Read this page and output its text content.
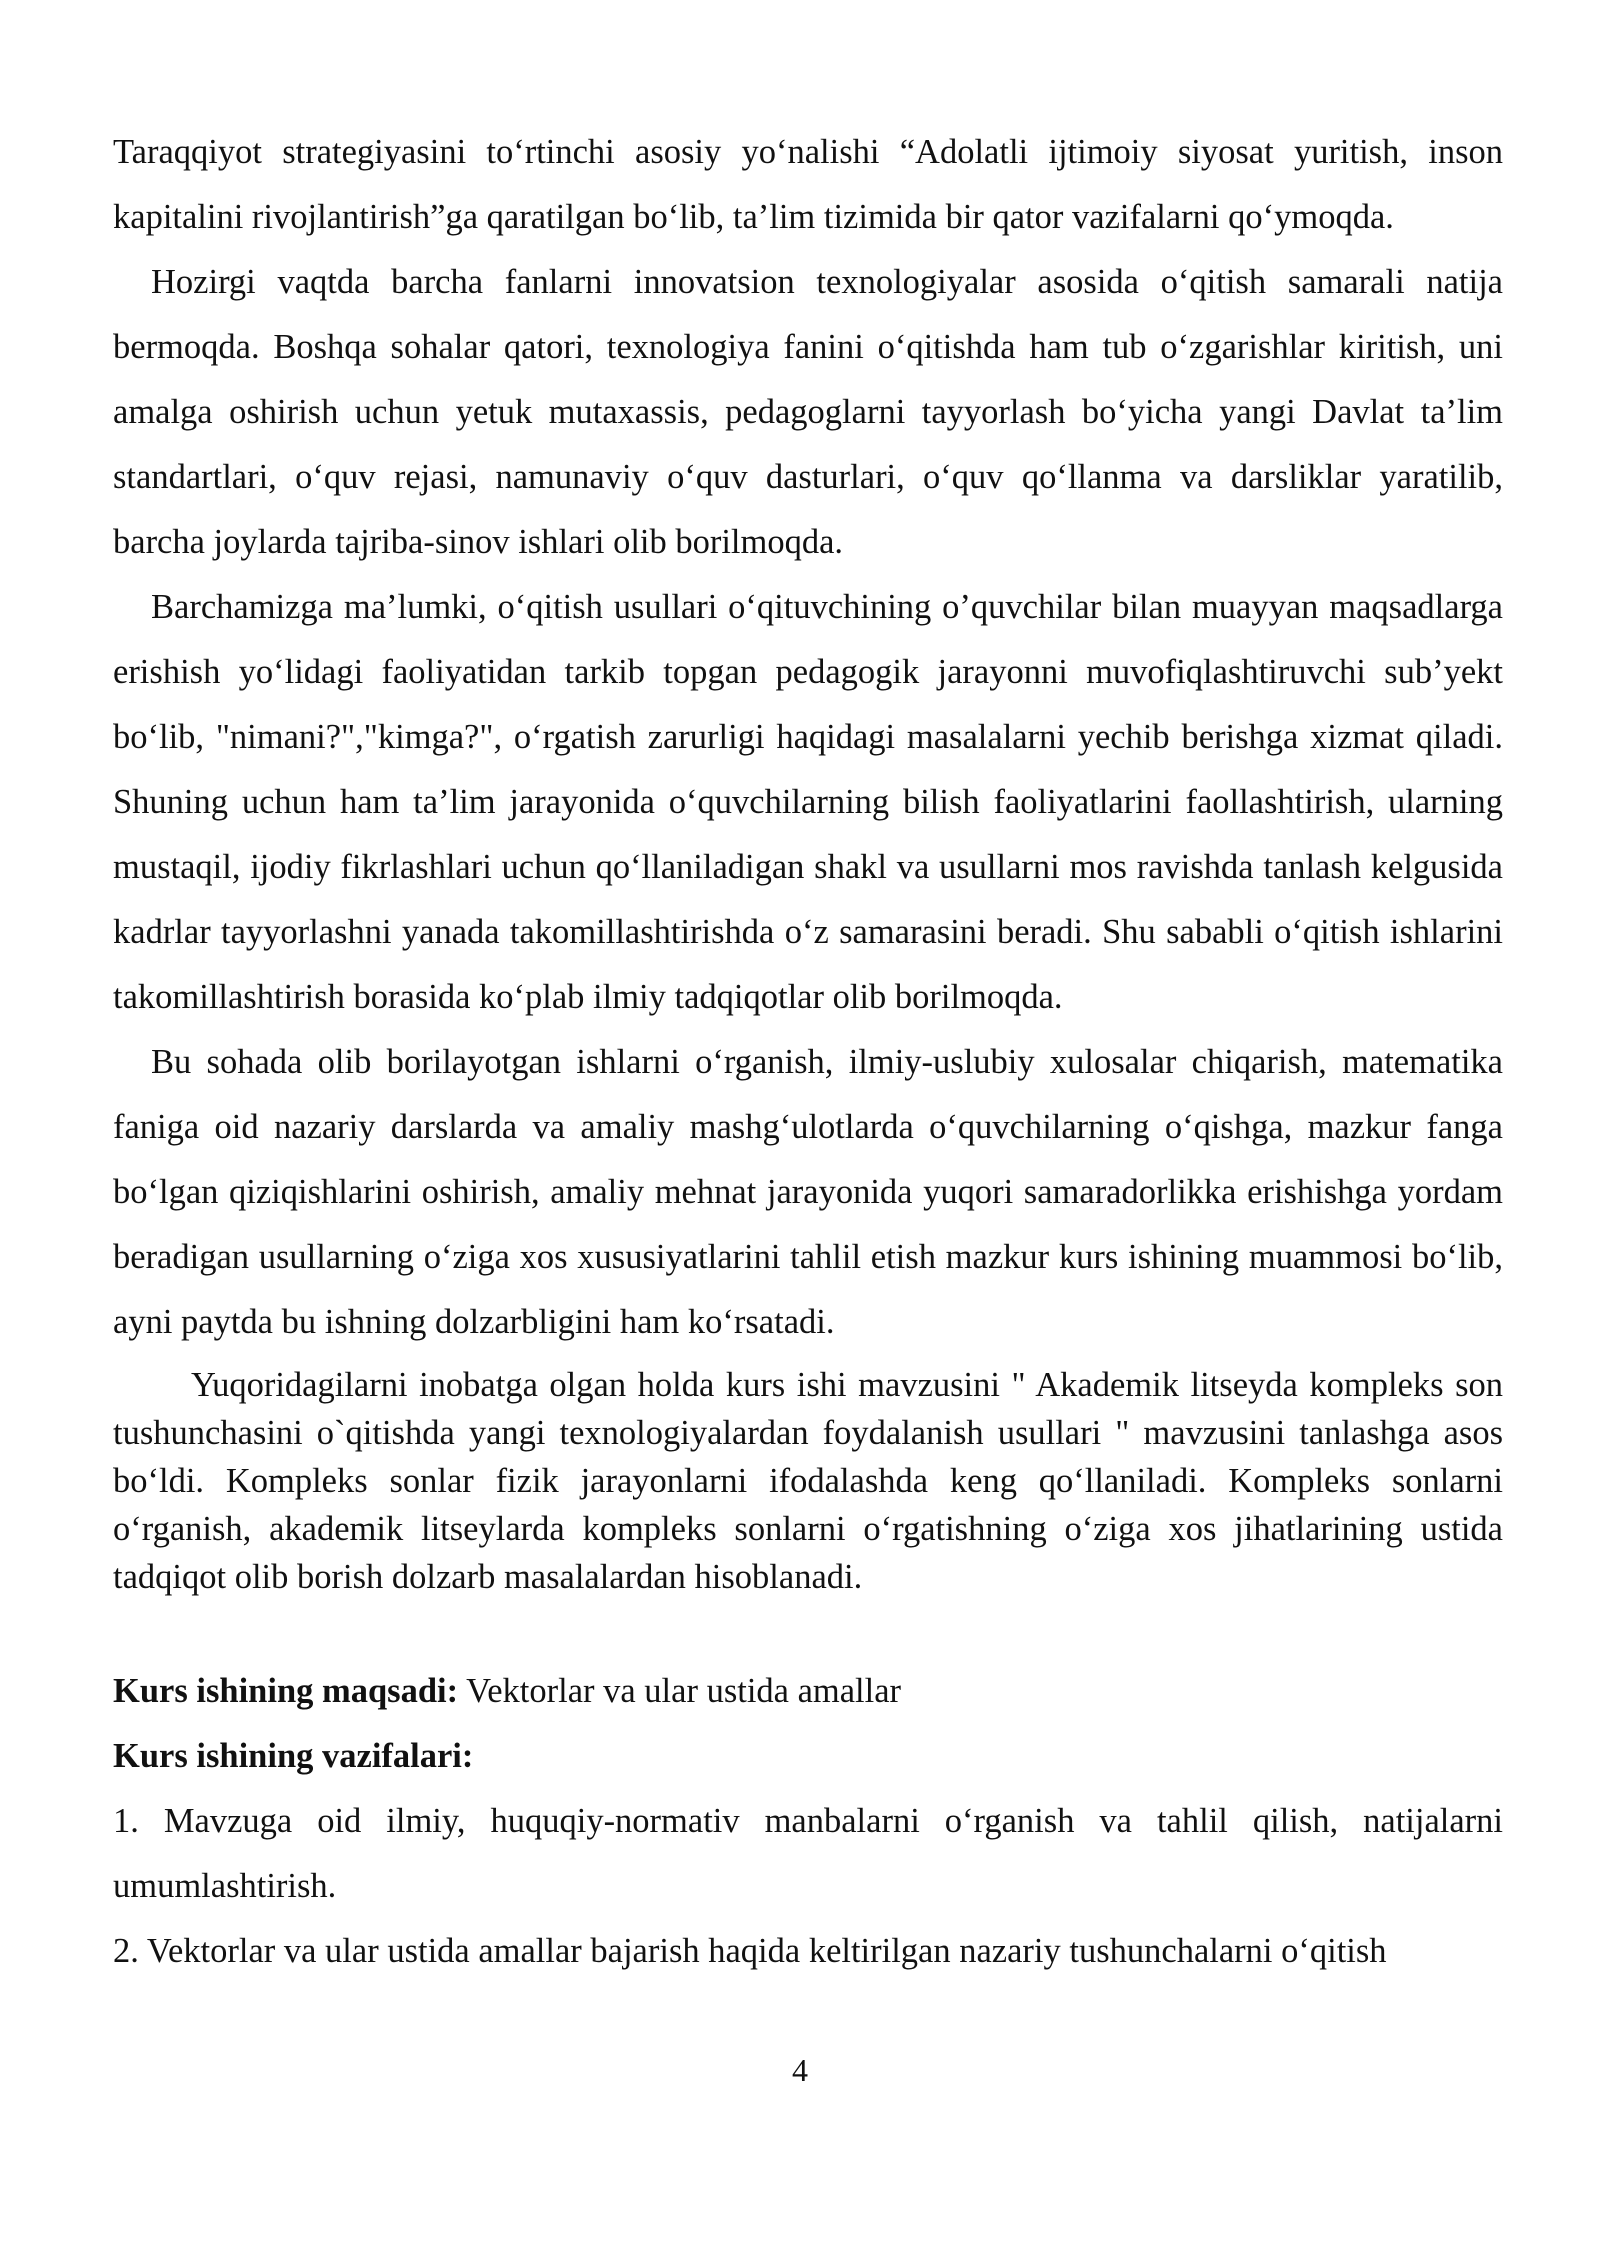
Taraqqiyot strategiyasini to‘rtinchi asosiy yo‘nalishi “Adolatli ijtimoiy siyosat yuritish, inson kapitalini rivojlantirish”ga qaratilgan bo‘lib, ta’lim tizimida bir qator vazifalarni qo‘ymoqda.

Hozirgi vaqtda barcha fanlarni innovatsion texnologiyalar asosida o‘qitish samarali natija bermoqda. Boshqa sohalar qatori, texnologiya fanini o‘qitishda ham tub o‘zgarishlar kiritish, uni amalga oshirish uchun yetuk mutaxassis, pedagoglarni tayyorlash bo‘yicha yangi Davlat ta’lim standartlari, o‘quv rejasi, namunaviy o‘quv dasturlari, o‘quv qo‘llanma va darsliklar yaratilib, barcha joylarda tajriba-sinov ishlari olib borilmoqda.

Barchamizga ma’lumki, o‘qitish usullari o‘qituvchining o’quvchilar bilan muayyan maqsadlarga erishish yo‘lidagi faoliyatidan tarkib topgan pedagogik jarayonni muvofiqlashtiruvchi sub’yekt bo‘lib, "nimani?","kimga?", o‘rgatish zarurligi haqidagi masalalarni yechib berishga xizmat qiladi. Shuning uchun ham ta’lim jarayonida o‘quvchilarning bilish faoliyatlarini faollashtirish, ularning mustaqil, ijodiy fikrlashlari uchun qo‘llaniladigan shakl va usullarni mos ravishda tanlash kelgusida kadrlar tayyorlashni yanada takomillashtirishda o‘z samarasini beradi. Shu sababli o‘qitish ishlarini takomillashtirish borasida ko‘plab ilmiy tadqiqotlar olib borilmoqda.

Bu sohada olib borilayotgan ishlarni o‘rganish, ilmiy-uslubiy xulosalar chiqarish, matematika faniga oid nazariy darslarda va amaliy mashg‘ulotlarda o‘quvchilarning o‘qishga, mazkur fanga bo‘lgan qiziqishlarini oshirish, amaliy mehnat jarayonida yuqori samaradorlikka erishishga yordam beradigan usullarning o‘ziga xos xususiyatlarini tahlil etish mazkur kurs ishining muammosi bo‘lib, ayni paytda bu ishning dolzarbligini ham ko‘rsatadi.

Yuqoridagilarni inobatga olgan holda kurs ishi mavzusini " Akademik litseyda kompleks son tushunchasini o`qitishda yangi texnologiyalardan foydalanish usullari " mavzusini tanlashga asos bo‘ldi. Kompleks sonlar fizik jarayonlarni ifodalashda keng qo‘llaniladi. Kompleks sonlarni o‘rganish, akademik litseylarda kompleks sonlarni o‘rgatishning o‘ziga xos jihatlarining ustida tadqiqot olib borish dolzarb masalalardan hisoblanadi.

Kurs ishining maqsadi: Vektorlar va ular ustida amallar

Kurs ishining vazifalari:

1. Mavzuga oid ilmiy, huquqiy-normativ manbalarni o‘rganish va tahlil qilish, natijalarni umumlashtirish.

2. Vektorlar va ular ustida amallar bajarish haqida keltirilgan nazariy tushunchalarni o‘qitish

4
